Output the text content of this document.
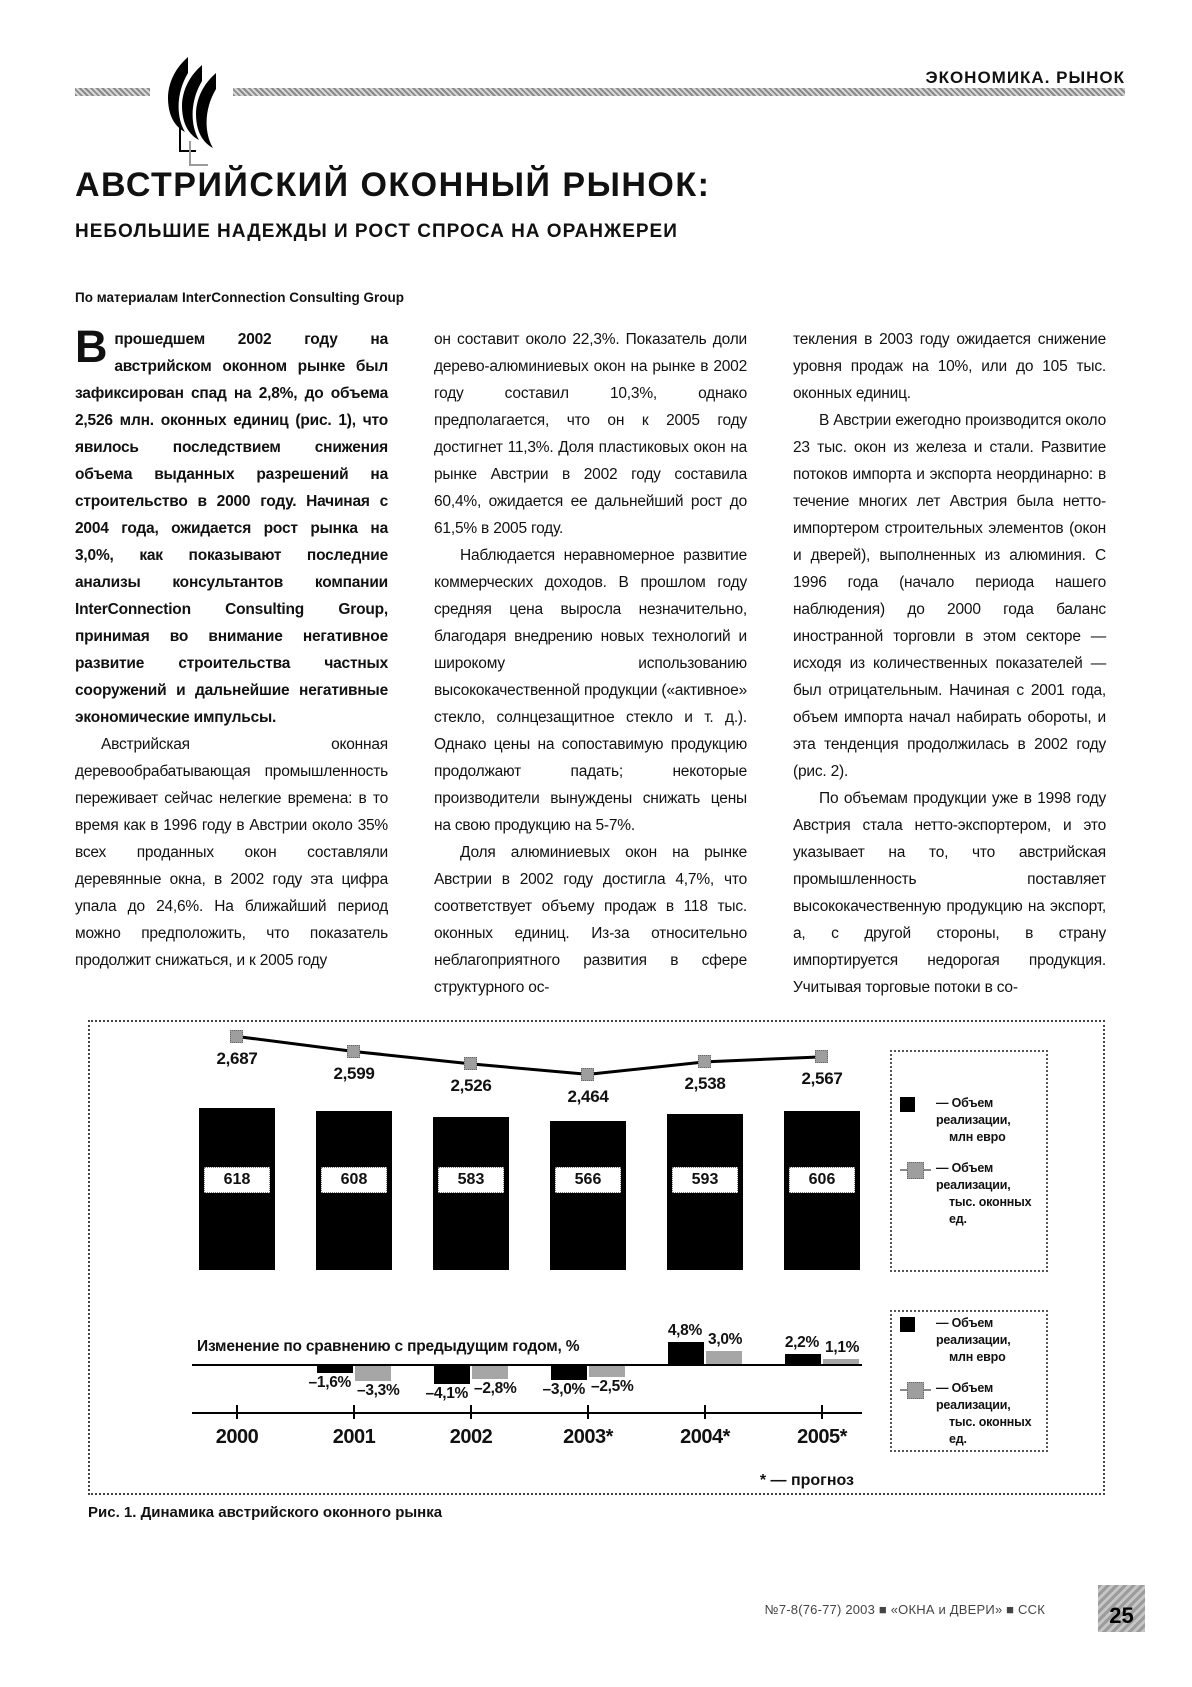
ЭКОНОМИКА. РЫНОК
АВСТРИЙСКИЙ ОКОННЫЙ РЫНОК:
НЕБОЛЬШИЕ НАДЕЖДЫ И РОСТ СПРОСА НА ОРАНЖЕРЕИ
По материалам InterConnection Consulting Group

Впрошедшем 2002 году на австрийском оконном рынке был зафиксирован спад на 2,8%, до объема 2,526 млн. оконных единиц (рис. 1), что явилось последствием снижения объема выданных разрешений на строительство в 2000 году. Начиная с 2004 года, ожидается рост рынка на 3,0%, как показывают последние анализы консультантов компании InterConnection Consulting Group, принимая во внимание негативное развитие строительства частных сооружений и дальнейшие негативные экономические импульсы.

Австрийская оконная деревообрабатывающая промышленность переживает сейчас нелегкие времена: в то время как в 1996 году в Австрии около 35% всех проданных окон составляли деревянные окна, в 2002 году эта цифра упала до 24,6%. На ближайший период можно предположить, что показатель продолжит снижаться, и к 2005 году

он составит около 22,3%. Показатель доли дерево-алюминиевых окон на рынке в 2002 году составил 10,3%, однако предполагается, что он к 2005 году достигнет 11,3%. Доля пластиковых окон на рынке Австрии в 2002 году составила 60,4%, ожидается ее дальнейший рост до 61,5% в 2005 году.

Наблюдается неравномерное развитие коммерческих доходов. В прошлом году средняя цена выросла незначительно, благодаря внедрению новых технологий и широкому использованию высококачественной продукции («активное» стекло, солнцезащитное стекло и т. д.). Однако цены на сопоставимую продукцию продолжают падать; некоторые производители вынуждены снижать цены на свою продукцию на 5-7%.

Доля алюминиевых окон на рынке Австрии в 2002 году достигла 4,7%, что соответствует объему продаж в 118 тыс. оконных единиц. Из-за относительно неблагоприятного развития в сфере структурного ос-

текления в 2003 году ожидается снижение уровня продаж на 10%, или до 105 тыс. оконных единиц.

В Австрии ежегодно производится около 23 тыс. окон из железа и стали. Развитие потоков импорта и экспорта неординарно: в течение многих лет Австрия была нетто-импортером строительных элементов (окон и дверей), выполненных из алюминия. С 1996 года (начало периода нашего наблюдения) до 2000 года баланс иностранной торговли в этом секторе — исходя из количественных показателей — был отрицательным. Начиная с 2001 года, объем импорта начал набирать обороты, и эта тенденция продолжилась в 2002 году (рис. 2).

По объемам продукции уже в 1998 году Австрия стала нетто-экспортером, и это указывает на то, что австрийская промышленность поставляет высококачественную продукцию на экспорт, а, с другой стороны, в страну импортируется недорогая продукция. Учитывая торговые потоки в со-

— Объем реализации,
млн евро
— Объем реализации,
тыс. оконных ед.
— Объем реализации,
млн евро
— Объем реализации,
тыс. оконных ед.
618	608	583	566	593	606
2,687
2,599
2,526
2,464
2,538	2,567
Изменение по сравнению с предыдущим годом, %
–1,6% –3,3%	–4,1% –2,8%	–3,0% –2,5%
4,8% 3,0%	2,2% 1,1%
2000	2001	2002	2003*	2004*	2005*
* — прогноз
Рис. 1. Динамика австрийского оконного рынка
№7-8(76-77) 2003 ■ «ОКНА и ДВЕРИ» ■ ССК	25
